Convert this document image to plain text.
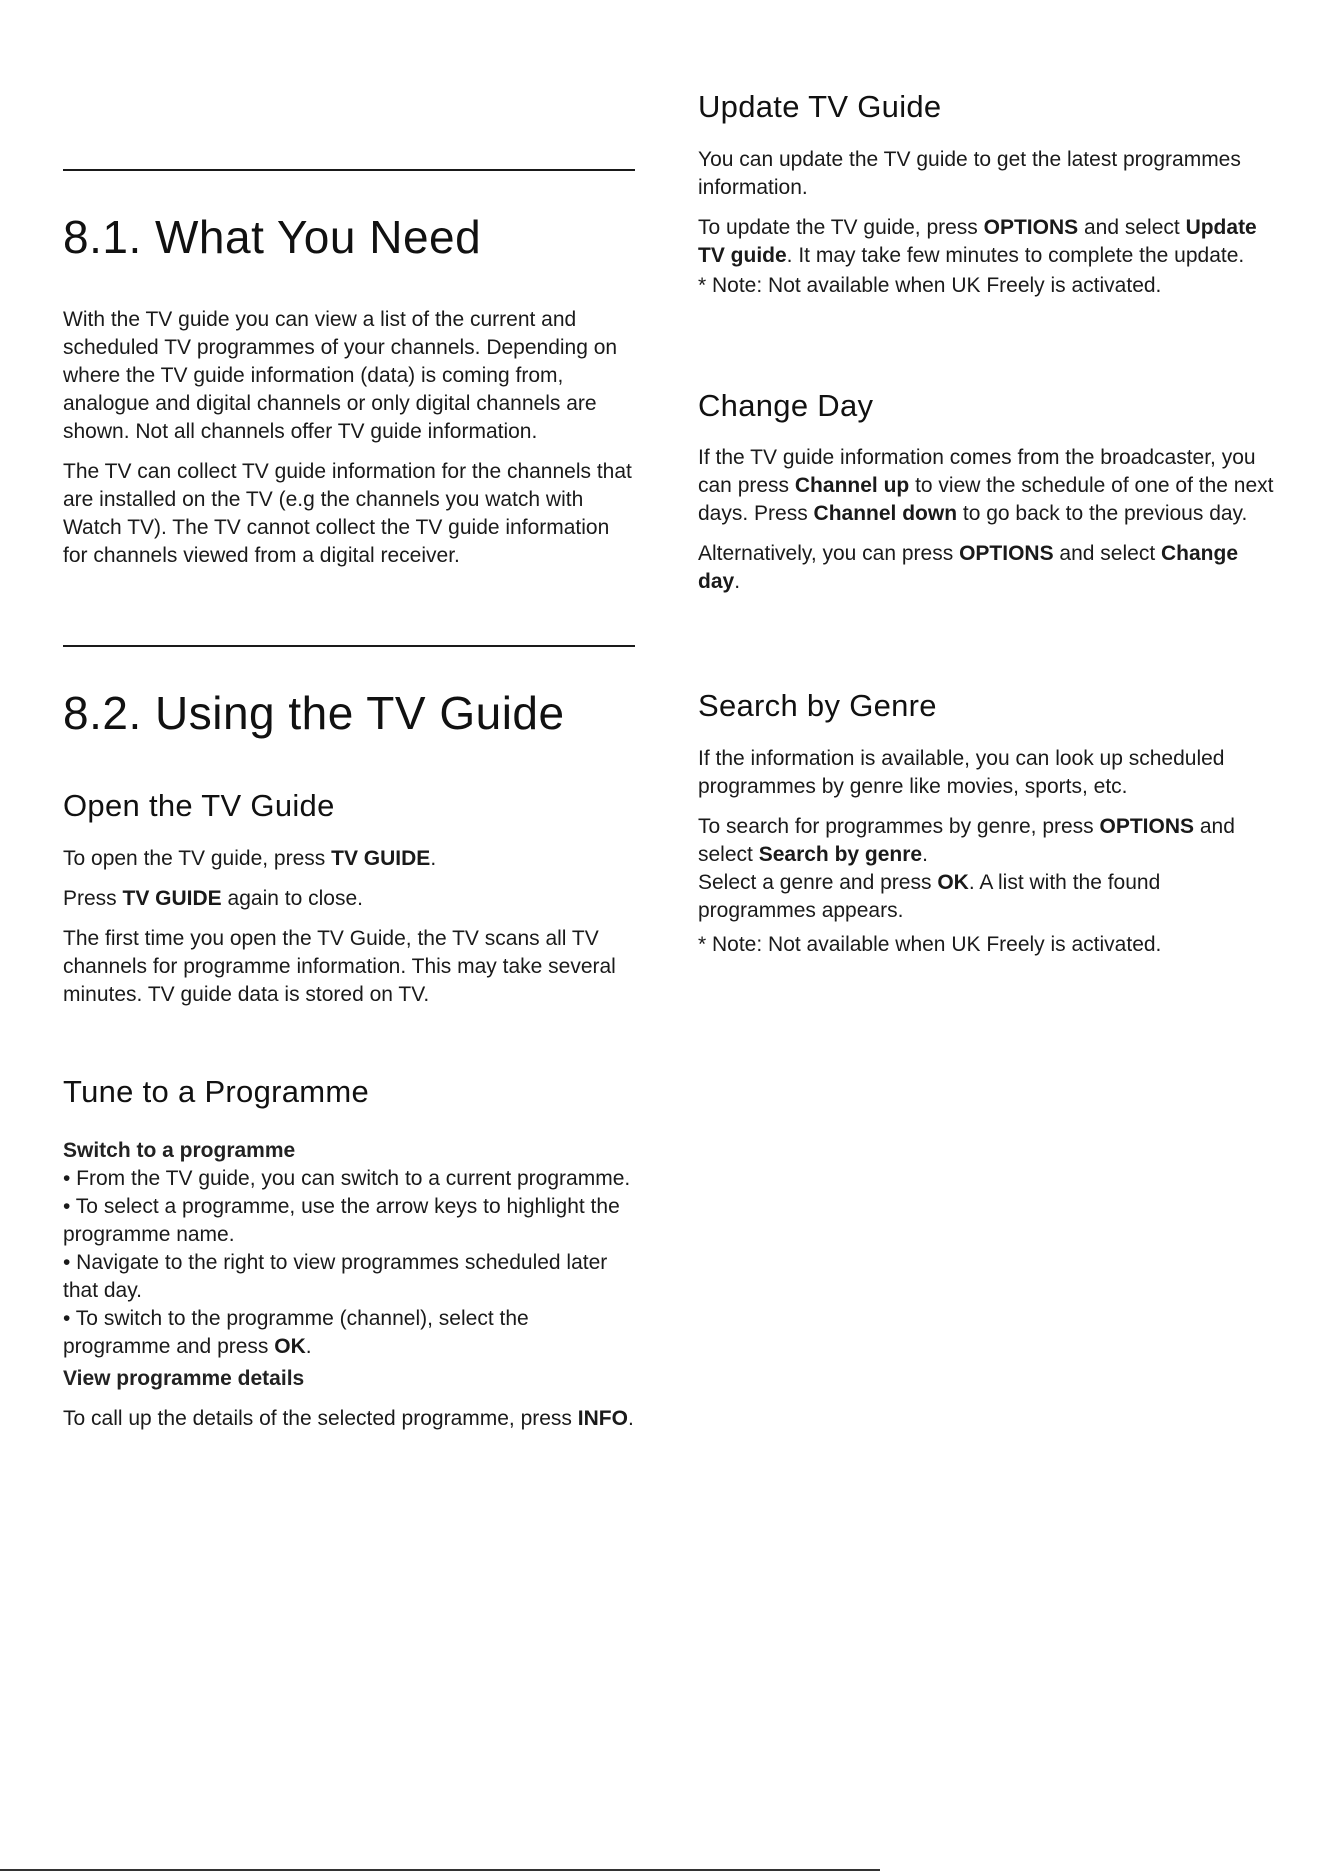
8.1. What You Need

With the TV guide you can view a list of the current and scheduled TV programmes of your channels. Depending on where the TV guide information (data) is coming from, analogue and digital channels or only digital channels are shown. Not all channels offer TV guide information.

The TV can collect TV guide information for the channels that are installed on the TV (e.g the channels you watch with Watch TV). The TV cannot collect the TV guide information for channels viewed from a digital receiver.

8.2. Using the TV Guide
Open the TV Guide

To open the TV guide, press TV GUIDE.

Press TV GUIDE again to close.

The first time you open the TV Guide, the TV scans all TV channels for programme information. This may take several minutes. TV guide data is stored on TV.

Tune to a Programme
Switch to a programme

• From the TV guide, you can switch to a current programme.

• To select a programme, use the arrow keys to highlight the programme name.

• Navigate to the right to view programmes scheduled later that day.

• To switch to the programme (channel), select the programme and press OK.

View programme details

To call up the details of the selected programme, press INFO.

Update TV Guide

You can update the TV guide to get the latest programmes information.

To update the TV guide, press OPTIONS and select Update TV guide. It may take few minutes to complete the update.

* Note: Not available when UK Freely is activated.

Change Day

If the TV guide information comes from the broadcaster, you can press Channel up to view the schedule of one of the next days. Press Channel down to go back to the previous day.

Alternatively, you can press OPTIONS and select Change day.

Search by Genre

If the information is available, you can look up scheduled programmes by genre like movies, sports, etc.

To search for programmes by genre, press OPTIONS and select Search by genre.

Select a genre and press OK. A list with the found programmes appears.

* Note: Not available when UK Freely is activated.
